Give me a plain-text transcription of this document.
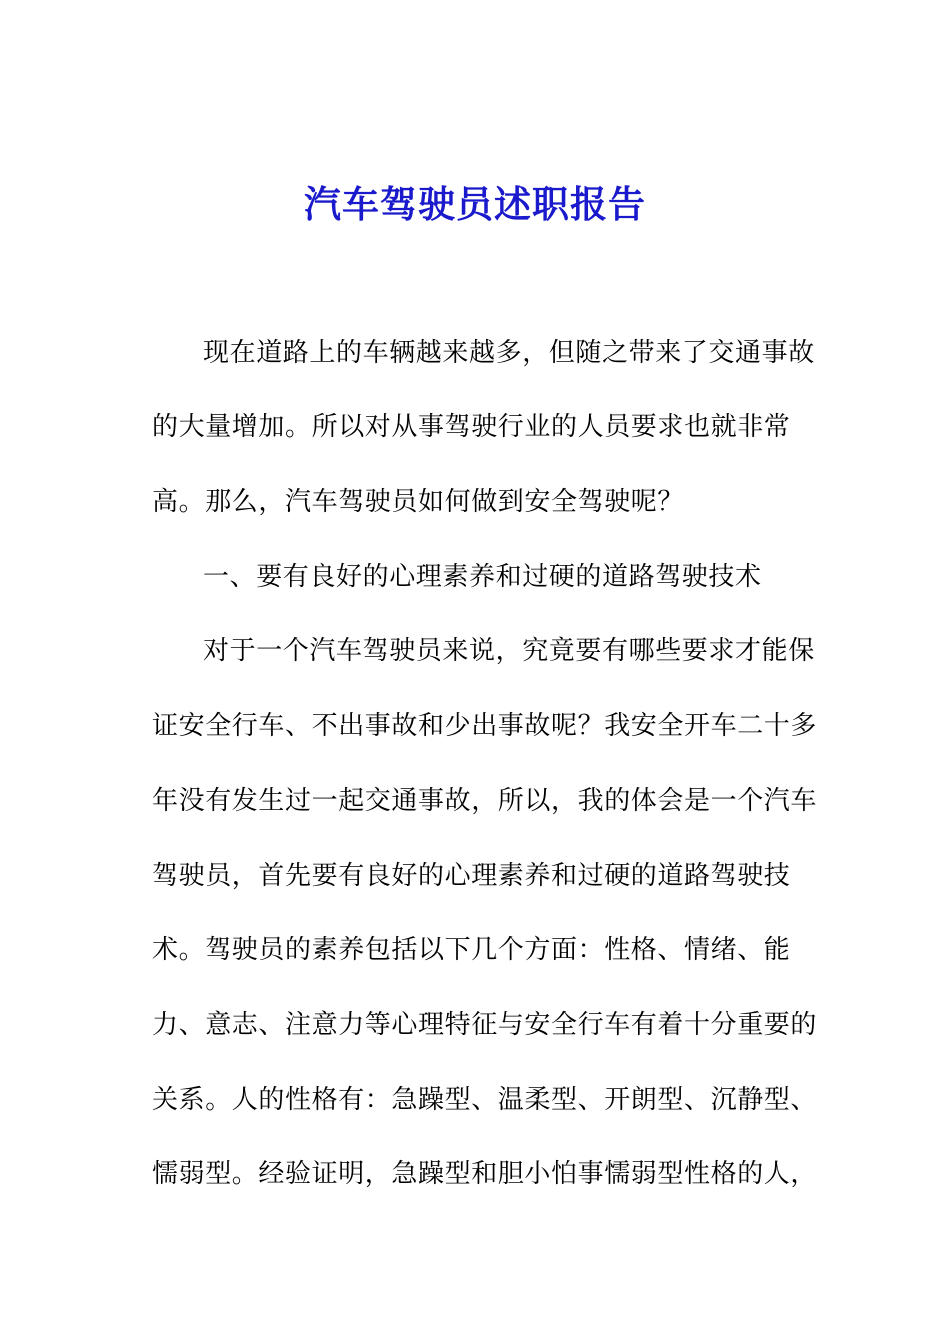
汽车驾驶员述职报告
现在道路上的车辆越来越多，但随之带来了交通事故
的大量增加。所以对从事驾驶行业的人员要求也就非常
高。那么，汽车驾驶员如何做到安全驾驶呢？
一、要有良好的心理素养和过硬的道路驾驶技术
对于一个汽车驾驶员来说，究竟要有哪些要求才能保
证安全行车、不出事故和少出事故呢？我安全开车二十多
年没有发生过一起交通事故，所以，我的体会是一个汽车
驾驶员，首先要有良好的心理素养和过硬的道路驾驶技
术。驾驶员的素养包括以下几个方面：性格、情绪、能
力、意志、注意力等心理特征与安全行车有着十分重要的
关系。人的性格有：急躁型、温柔型、开朗型、沉静型、
懦弱型。经验证明，急躁型和胆小怕事懦弱型性格的人，
